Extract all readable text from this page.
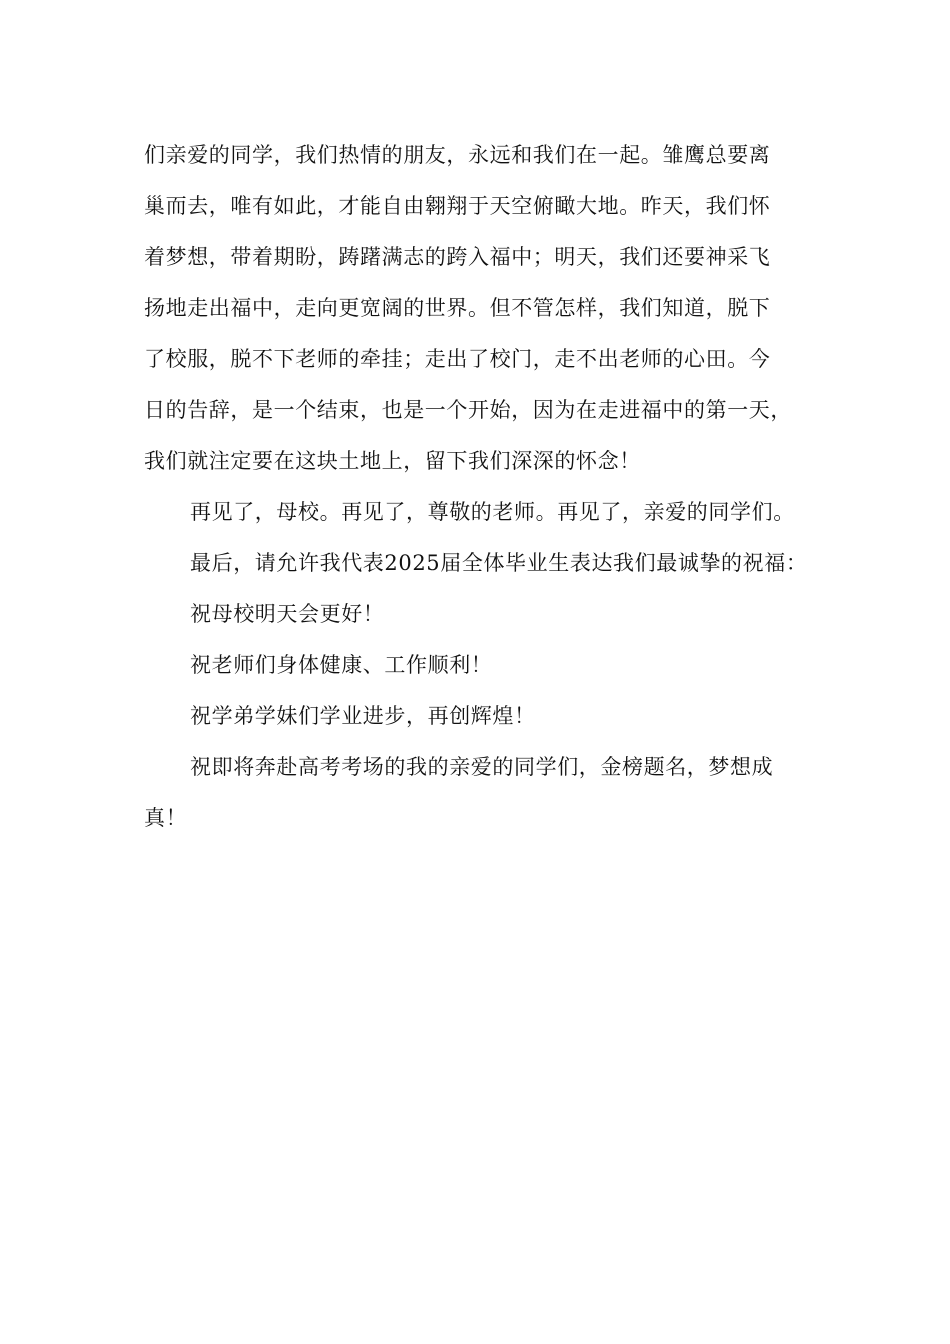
们亲爱的同学，我们热情的朋友，永远和我们在一起。雏鹰总要离
巢而去，唯有如此，才能自由翱翔于天空俯瞰大地。昨天，我们怀
着梦想，带着期盼，踌躇满志的跨入福中；明天，我们还要神采飞
扬地走出福中，走向更宽阔的世界。但不管怎样，我们知道，脱下
了校服，脱不下老师的牵挂；走出了校门，走不出老师的心田。今
日的告辞，是一个结束，也是一个开始，因为在走进福中的第一天，
我们就注定要在这块土地上，留下我们深深的怀念！
再见了，母校。再见了，尊敬的老师。再见了，亲爱的同学们。
最后，请允许我代表2025届全体毕业生表达我们最诚挚的祝福：
祝母校明天会更好！
祝老师们身体健康、工作顺利！
祝学弟学妹们学业进步，再创辉煌！
祝即将奔赴高考考场的我的亲爱的同学们，金榜题名，梦想成
真！
